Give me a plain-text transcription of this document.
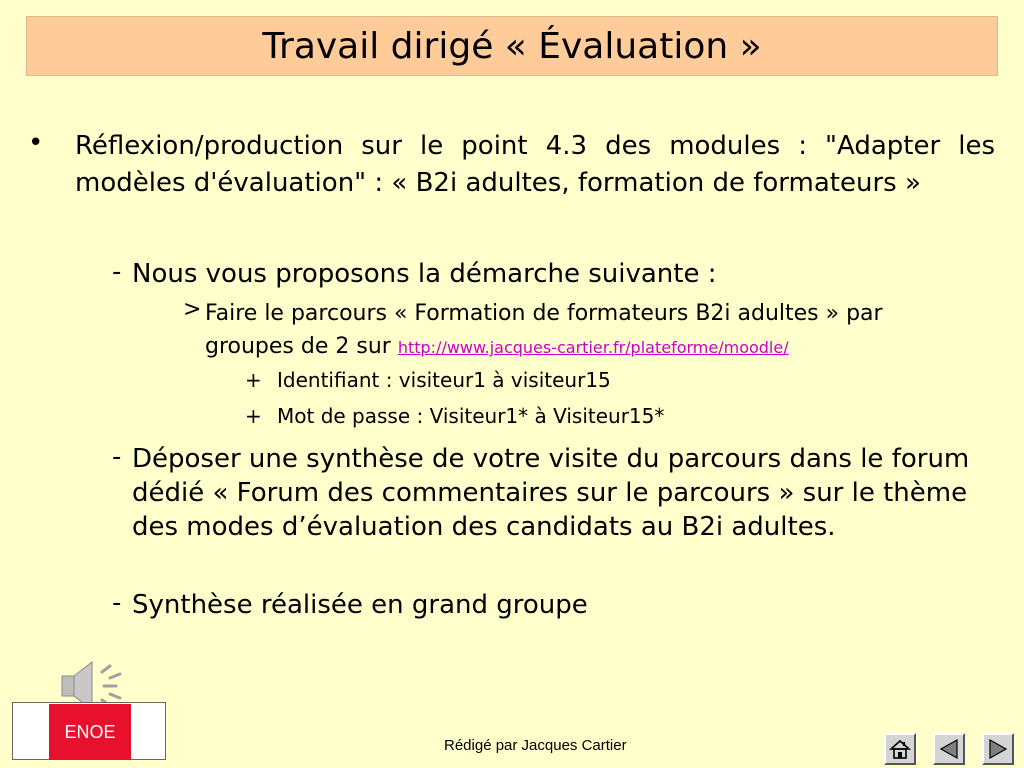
Travail dirigé « Évaluation »
• Réflexion/production sur le point 4.3 des modules : "Adapter les modèles d'évaluation" : « B2i adultes, formation de formateurs »
- Nous vous proposons la démarche suivante :
> Faire le parcours « Formation de formateurs B2i adultes » par groupes de 2 sur http://www.jacques-cartier.fr/plateforme/moodle/
+ Identifiant : visiteur1 à visiteur15
+ Mot de passe : Visiteur1* à Visiteur15*
- Déposer une synthèse de votre visite du parcours dans le forum dédié « Forum des commentaires sur le parcours » sur le thème des modes d’évaluation des candidats au B2i adultes.
- Synthèse réalisée en grand groupe
ENOE
Rédigé par Jacques Cartier
